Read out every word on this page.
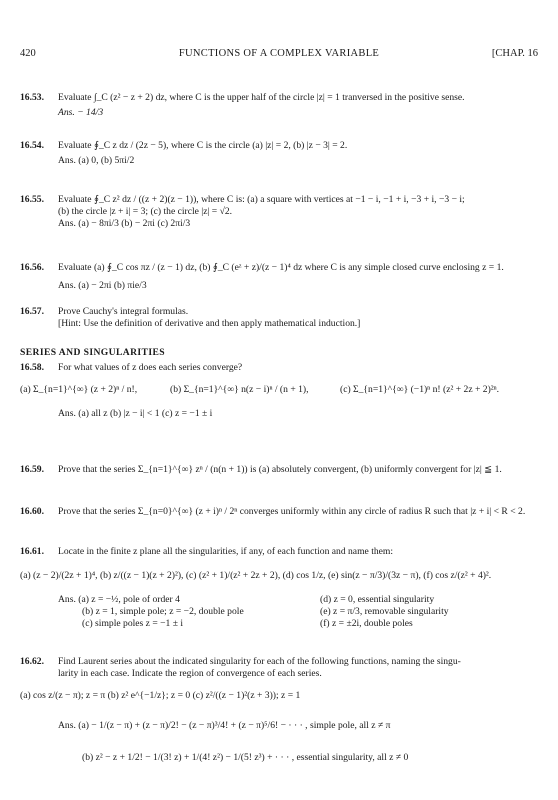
420	FUNCTIONS OF A COMPLEX VARIABLE	[CHAP. 16
16.53. Evaluate ∫_C (z² − z + 2) dz, where C is the upper half of the circle |z| = 1 tranversed in the positive sense.
Ans. − 14/3
16.54. Evaluate ∮_C z dz / (2z − 5), where C is the circle (a) |z| = 2, (b) |z − 3| = 2.
Ans. (a) 0, (b) 5πi/2
16.55. Evaluate ∮_C z² dz / ((z + 2)(z − 1)), where C is: (a) a square with vertices at −1 − i, −1 + i, −3 + i, −3 − i;
(b) the circle |z + i| = 3; (c) the circle |z| = √2.
Ans. (a) − 8πi/3 (b) − 2πi (c) 2πi/3
16.56. Evaluate (a) ∮_C cos πz / (z − 1) dz, (b) ∮_C (eᶻ + z)/(z − 1)⁴ dz where C is any simple closed curve enclosing z = 1.
Ans. (a) − 2πi (b) πie/3
16.57. Prove Cauchy's integral formulas.
[Hint: Use the definition of derivative and then apply mathematical induction.]
SERIES AND SINGULARITIES
16.58. For what values of z does each series converge?
(a) Σ_{n=1}^{∞} (z + 2)ⁿ / n!,	(b) Σ_{n=1}^{∞} n(z − i)ⁿ / (n + 1),	(c) Σ_{n=1}^{∞} (−1)ⁿ n! (z² + 2z + 2)²ⁿ.
Ans. (a) all z (b) |z − i| < 1 (c) z = −1 ± i
16.59. Prove that the series Σ_{n=1}^{∞} zⁿ / (n(n + 1)) is (a) absolutely convergent, (b) uniformly convergent for |z| ≦ 1.
16.60. Prove that the series Σ_{n=0}^{∞} (z + i)ⁿ / 2ⁿ converges uniformly within any circle of radius R such that |z + i| < R < 2.
16.61. Locate in the finite z plane all the singularities, if any, of each function and name them:
(a) (z − 2)/(2z + 1)⁴, (b) z/((z − 1)(z + 2)²), (c) (z² + 1)/(z² + 2z + 2), (d) cos 1/z, (e) sin(z − π/3)/(3z − π), (f) cos z/(z² + 4)².
Ans. (a) z = −½, pole of order 4	(d) z = 0, essential singularity
(b) z = 1, simple pole; z = −2, double pole	(e) z = π/3, removable singularity
(c) simple poles z = −1 ± i	(f) z = ±2i, double poles
16.62. Find Laurent series about the indicated singularity for each of the following functions, naming the singu-
larity in each case. Indicate the region of convergence of each series.
(a) cos z/(z − π); z = π (b) z² e^{−1/z}; z = 0 (c) z²/((z − 1)²(z + 3)); z = 1
Ans. (a) − 1/(z − π) + (z − π)/2! − (z − π)³/4! + (z − π)⁵/6! − · · · , simple pole, all z ≠ π
(b) z² − z + 1/2! − 1/(3! z) + 1/(4! z²) − 1/(5! z³) + · · · , essential singularity, all z ≠ 0
